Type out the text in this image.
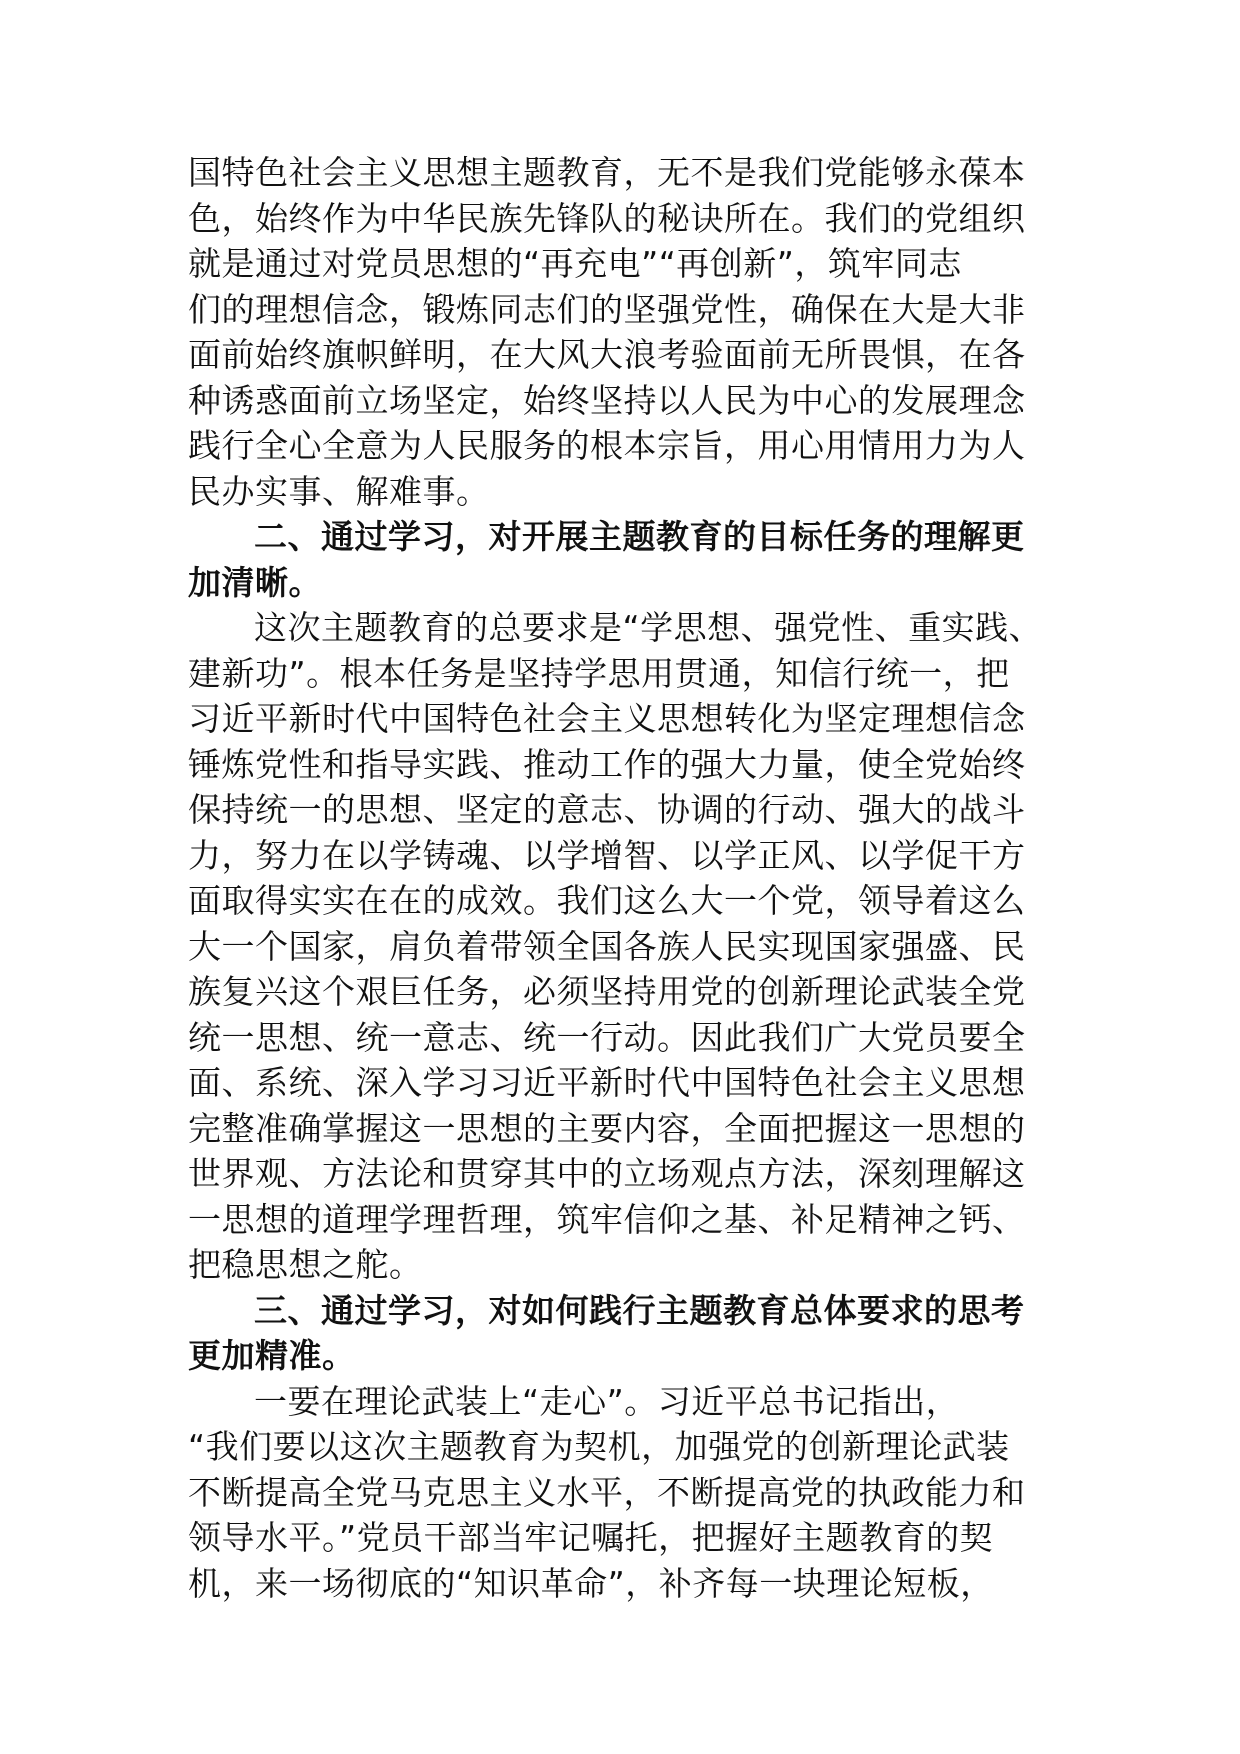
国特色社会主义思想主题教育，无不是我们党能够永葆本
色，始终作为中华民族先锋队的秘诀所在。我们的党组织
就是通过对党员思想的“再充电”“再创新”，筑牢同志
们的理想信念，锻炼同志们的坚强党性，确保在大是大非
面前始终旗帜鲜明，在大风大浪考验面前无所畏惧，在各
种诱惑面前立场坚定，始终坚持以人民为中心的发展理念
践行全心全意为人民服务的根本宗旨，用心用情用力为人
民办实事、解难事。
二、通过学习，对开展主题教育的目标任务的理解更
加清晰。
这次主题教育的总要求是“学思想、强党性、重实践、
建新功”。根本任务是坚持学思用贯通，知信行统一，把
习近平新时代中国特色社会主义思想转化为坚定理想信念
锤炼党性和指导实践、推动工作的强大力量，使全党始终
保持统一的思想、坚定的意志、协调的行动、强大的战斗
力，努力在以学铸魂、以学增智、以学正风、以学促干方
面取得实实在在的成效。我们这么大一个党，领导着这么
大一个国家，肩负着带领全国各族人民实现国家强盛、民
族复兴这个艰巨任务，必须坚持用党的创新理论武装全党
统一思想、统一意志、统一行动。因此我们广大党员要全
面、系统、深入学习习近平新时代中国特色社会主义思想
完整准确掌握这一思想的主要内容，全面把握这一思想的
世界观、方法论和贯穿其中的立场观点方法，深刻理解这
一思想的道理学理哲理，筑牢信仰之基、补足精神之钙、
把稳思想之舵。
三、通过学习，对如何践行主题教育总体要求的思考
更加精准。
一要在理论武装上“走心”。习近平总书记指出，
“我们要以这次主题教育为契机，加强党的创新理论武装
不断提高全党马克思主义水平，不断提高党的执政能力和
领导水平。”党员干部当牢记嘱托，把握好主题教育的契
机，来一场彻底的“知识革命”，补齐每一块理论短板，
